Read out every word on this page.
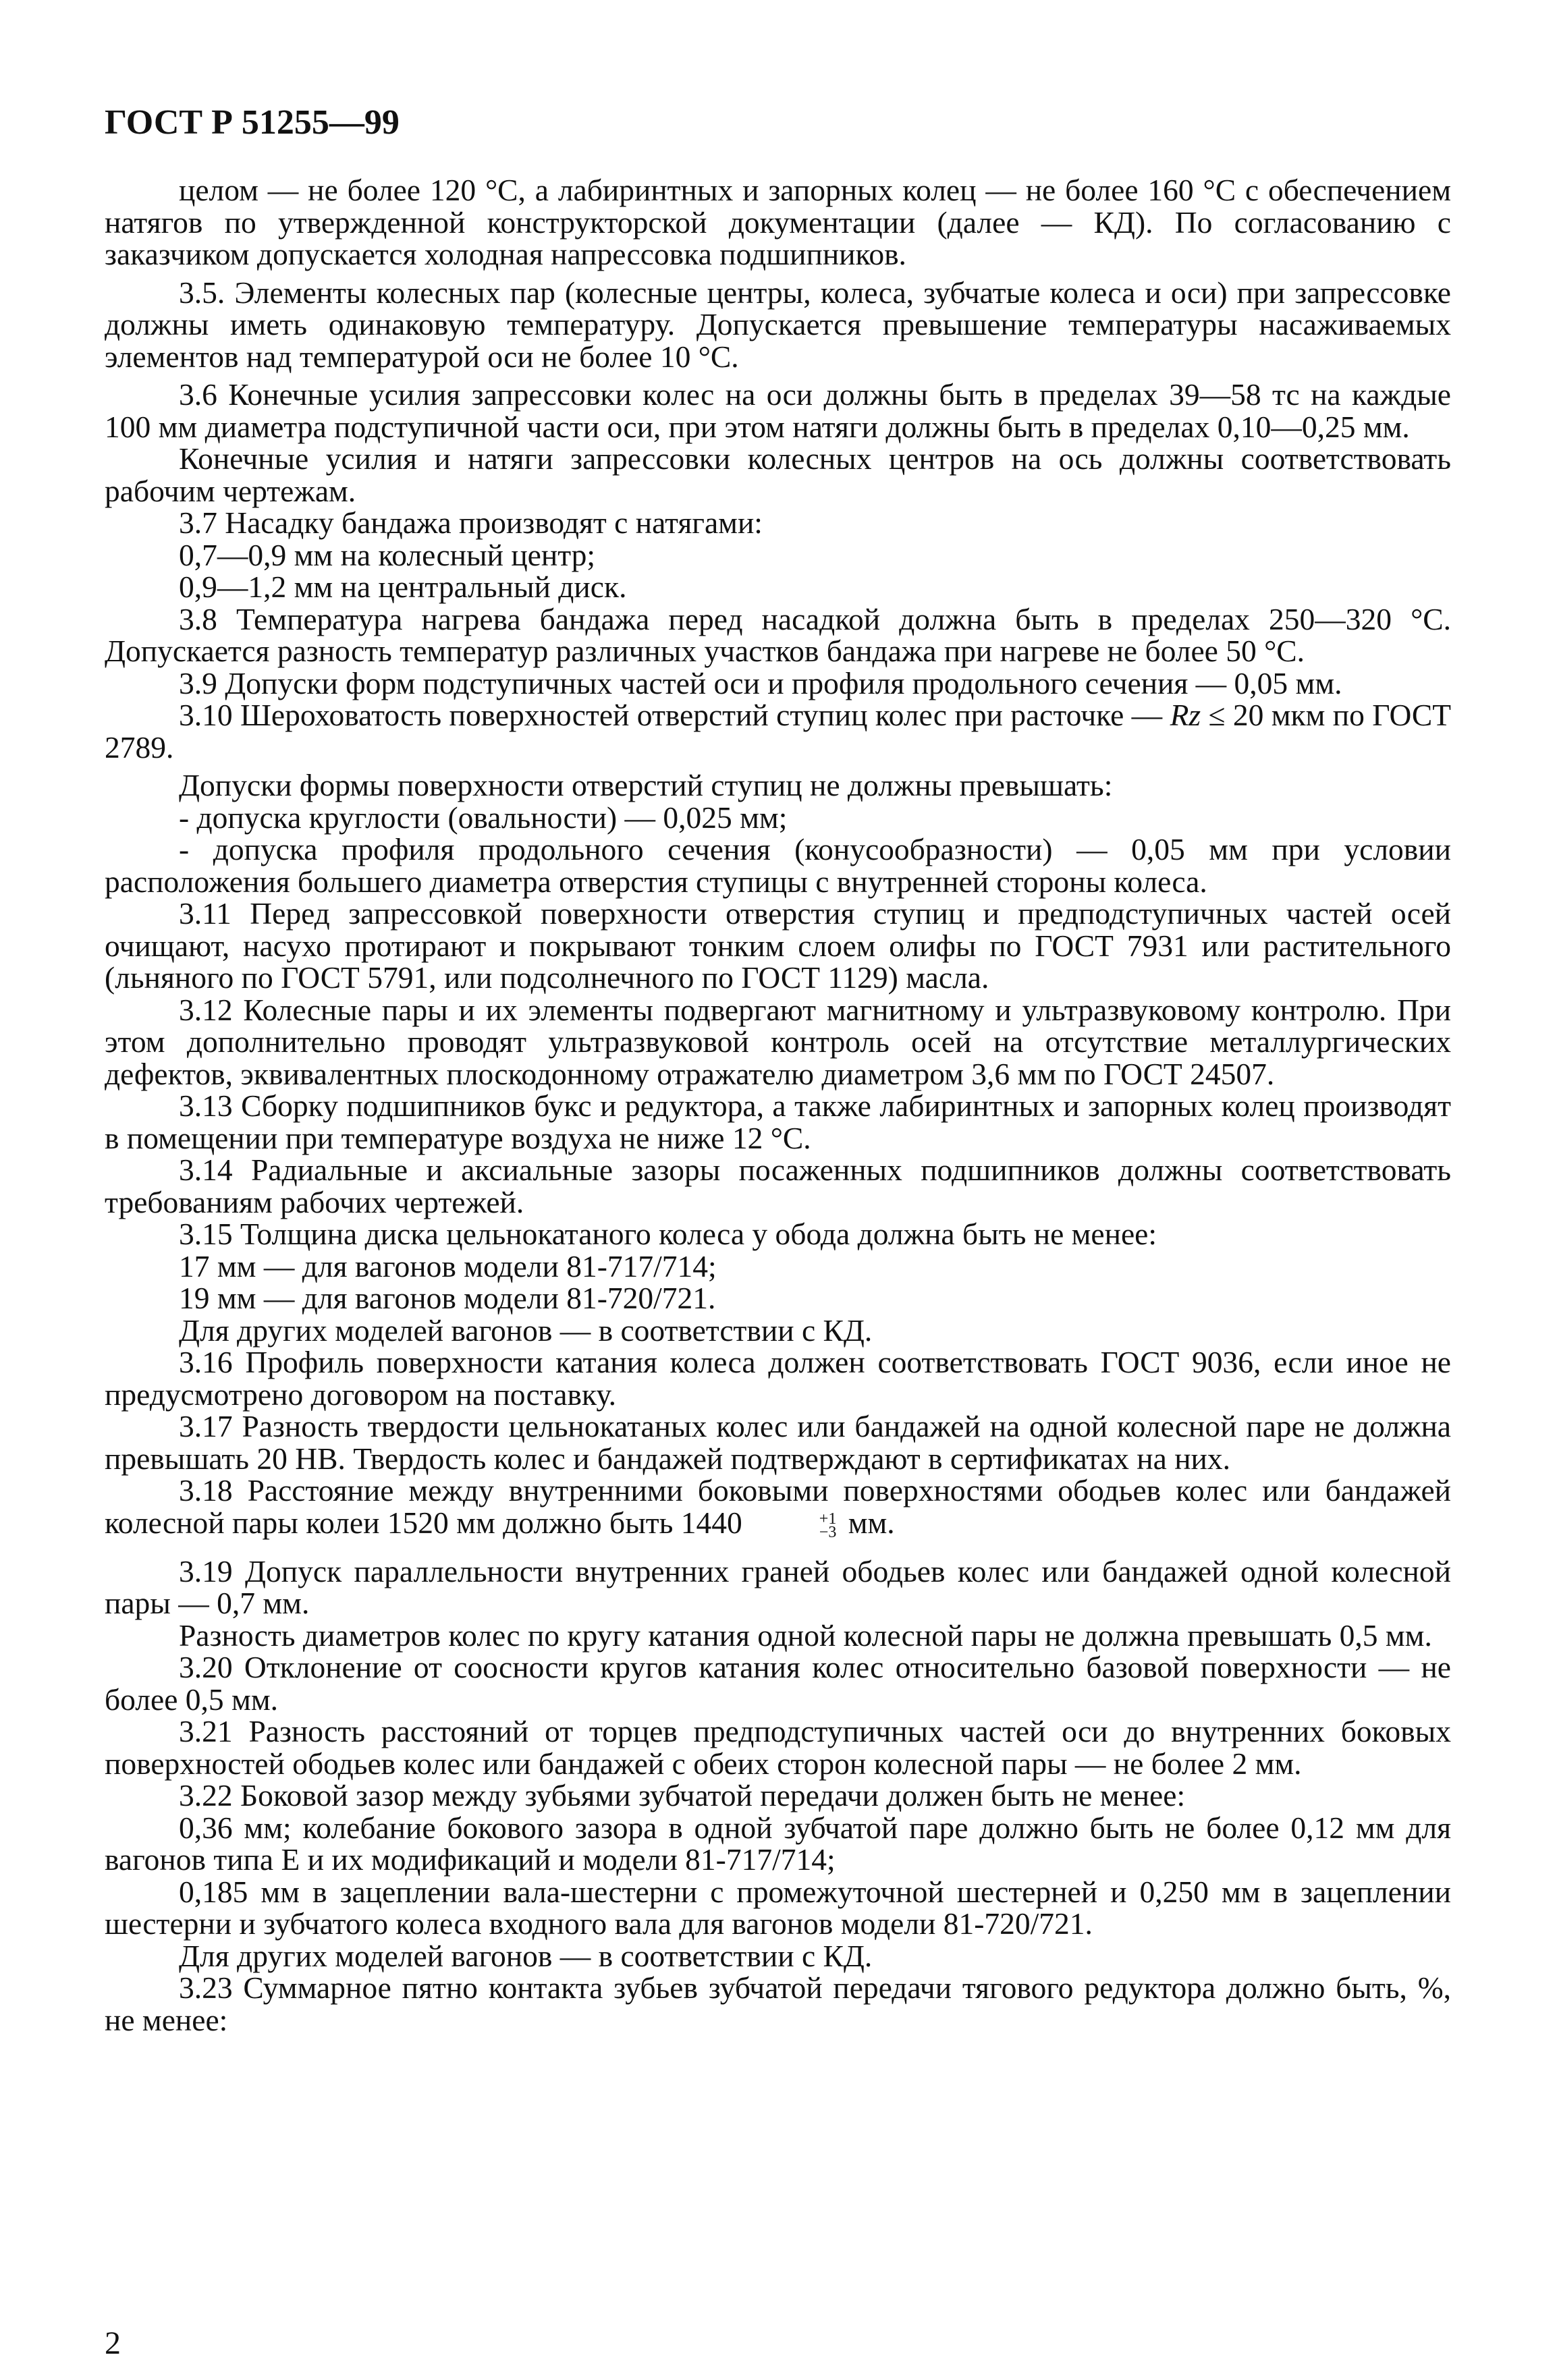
ГОСТ Р 51255—99

целом — не более 120 °С, а лабиринтных и запорных колец — не более 160 °С с обеспечением натягов по утвержденной конструкторской документации (далее — КД). По согласованию с заказчиком допускается холодная напрессовка подшипников.

3.5. Элементы колесных пар (колесные центры, колеса, зубчатые колеса и оси) при запрессовке должны иметь одинаковую температуру. Допускается превышение температуры насаживаемых элементов над температурой оси не более 10 °С.

3.6 Конечные усилия запрессовки колес на оси должны быть в пределах 39—58 тс на каждые 100 мм диаметра подступичной части оси, при этом натяги должны быть в пределах 0,10—0,25 мм.

Конечные усилия и натяги запрессовки колесных центров на ось должны соответствовать рабочим чертежам.

3.7 Насадку бандажа производят с натягами:

0,7—0,9 мм на колесный центр;

0,9—1,2 мм на центральный диск.

3.8 Температура нагрева бандажа перед насадкой должна быть в пределах 250—320 °С. Допускается разность температур различных участков бандажа при нагреве не более 50 °С.

3.9 Допуски форм подступичных частей оси и профиля продольного сечения — 0,05 мм.

3.10 Шероховатость поверхностей отверстий ступиц колес при расточке — Rz ≤ 20 мкм по ГОСТ 2789.

Допуски формы поверхности отверстий ступиц не должны превышать:

- допуска круглости (овальности) — 0,025 мм;

- допуска профиля продольного сечения (конусообразности) — 0,05 мм при условии расположения большего диаметра отверстия ступицы с внутренней стороны колеса.

3.11 Перед запрессовкой поверхности отверстия ступиц и предподступичных частей осей очищают, насухо протирают и покрывают тонким слоем олифы по ГОСТ 7931 или растительного (льняного по ГОСТ 5791, или подсолнечного по ГОСТ 1129) масла.

3.12 Колесные пары и их элементы подвергают магнитному и ультразвуковому контролю. При этом дополнительно проводят ультразвуковой контроль осей на отсутствие металлургических дефектов, эквивалентных плоскодонному отражателю диаметром 3,6 мм по ГОСТ 24507.

3.13 Сборку подшипников букс и редуктора, а также лабиринтных и запорных колец производят в помещении при температуре воздуха не ниже 12 °С.

3.14 Радиальные и аксиальные зазоры посаженных подшипников должны соответствовать требованиям рабочих чертежей.

3.15 Толщина диска цельнокатаного колеса у обода должна быть не менее:

17 мм — для вагонов модели 81-717/714;

19 мм — для вагонов модели 81-720/721.

Для других моделей вагонов — в соответствии с КД.

3.16 Профиль поверхности катания колеса должен соответствовать ГОСТ 9036, если иное не предусмотрено договором на поставку.

3.17 Разность твердости цельнокатаных колес или бандажей на одной колесной паре не должна превышать 20 НВ. Твердость колес и бандажей подтверждают в сертификатах на них.

3.18 Расстояние между внутренними боковыми поверхностями ободьев колес или бандажей колесной пары колеи 1520 мм должно быть 1440	+1
−3 мм.

3.19 Допуск параллельности внутренних граней ободьев колес или бандажей одной колесной пары — 0,7 мм.

Разность диаметров колес по кругу катания одной колесной пары не должна превышать 0,5 мм.

3.20 Отклонение от соосности кругов катания колес относительно базовой поверхности — не более 0,5 мм.

3.21 Разность расстояний от торцев предподступичных частей оси до внутренних боковых поверхностей ободьев колес или бандажей с обеих сторон колесной пары — не более 2 мм.

3.22 Боковой зазор между зубьями зубчатой передачи должен быть не менее:

0,36 мм; колебание бокового зазора в одной зубчатой паре должно быть не более 0,12 мм для вагонов типа Е и их модификаций и модели 81-717/714;

0,185 мм в зацеплении вала-шестерни с промежуточной шестерней и 0,250 мм в зацеплении шестерни и зубчатого колеса входного вала для вагонов модели 81-720/721.

Для других моделей вагонов — в соответствии с КД.

3.23 Суммарное пятно контакта зубьев зубчатой передачи тягового редуктора должно быть, %, не менее:

2
